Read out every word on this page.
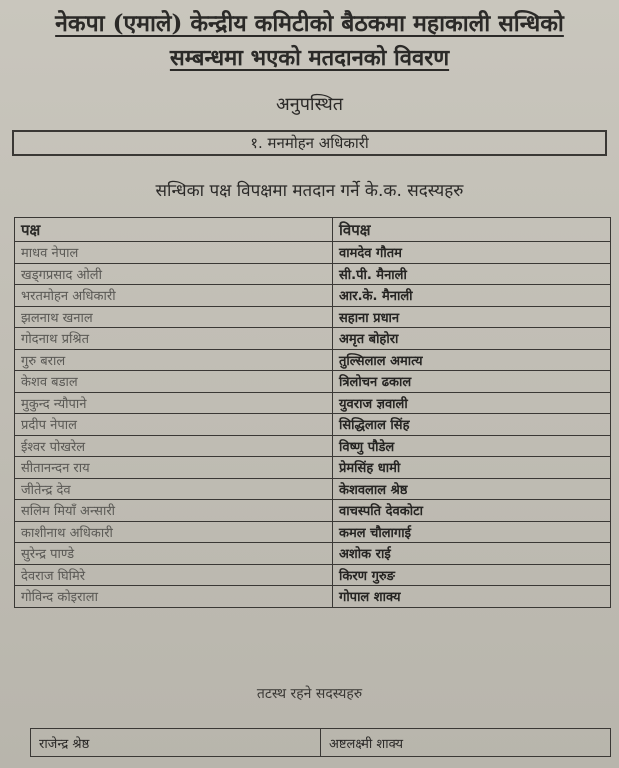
नेकपा (एमाले) केन्द्रीय कमिटीको बैठकमा महाकाली सन्धिको
सम्बन्धमा भएको मतदानको विवरण
अनुपस्थित
१. मनमोहन अधिकारी
सन्धिका पक्ष विपक्षमा मतदान गर्ने के.क. सदस्यहरु
पक्ष	विपक्ष
माधव नेपाल	वामदेव गौतम
खड्गप्रसाद ओली	सी.पी. मैनाली
भरतमोहन अधिकारी	आर.के. मैनाली
झलनाथ खनाल	सहाना प्रधान
गोदनाथ प्रश्रित	अमृत बोहोरा
गुरु बराल	तुल्सिलाल अमात्य
केशव बडाल	त्रिलोचन ढकाल
मुकुन्द न्यौपाने	युवराज ज्ञवाली
प्रदीप नेपाल	सिद्धिलाल सिंह
ईश्वर पोखरेल	विष्णु पौडेल
सीतानन्दन राय	प्रेमसिंह धामी
जीतेन्द्र देव	केशवलाल श्रेष्ठ
सलिम मियाँ अन्सारी	वाचस्पति देवकोटा
काशीनाथ अधिकारी	कमल चौलागाई
सुरेन्द्र पाण्डे	अशोक राई
देवराज घिमिरे	किरण गुरुङ
गोविन्द कोइराला	गोपाल शाक्य
तटस्थ रहने सदस्यहरु
राजेन्द्र श्रेष्ठ	अष्टलक्ष्मी शाक्य
